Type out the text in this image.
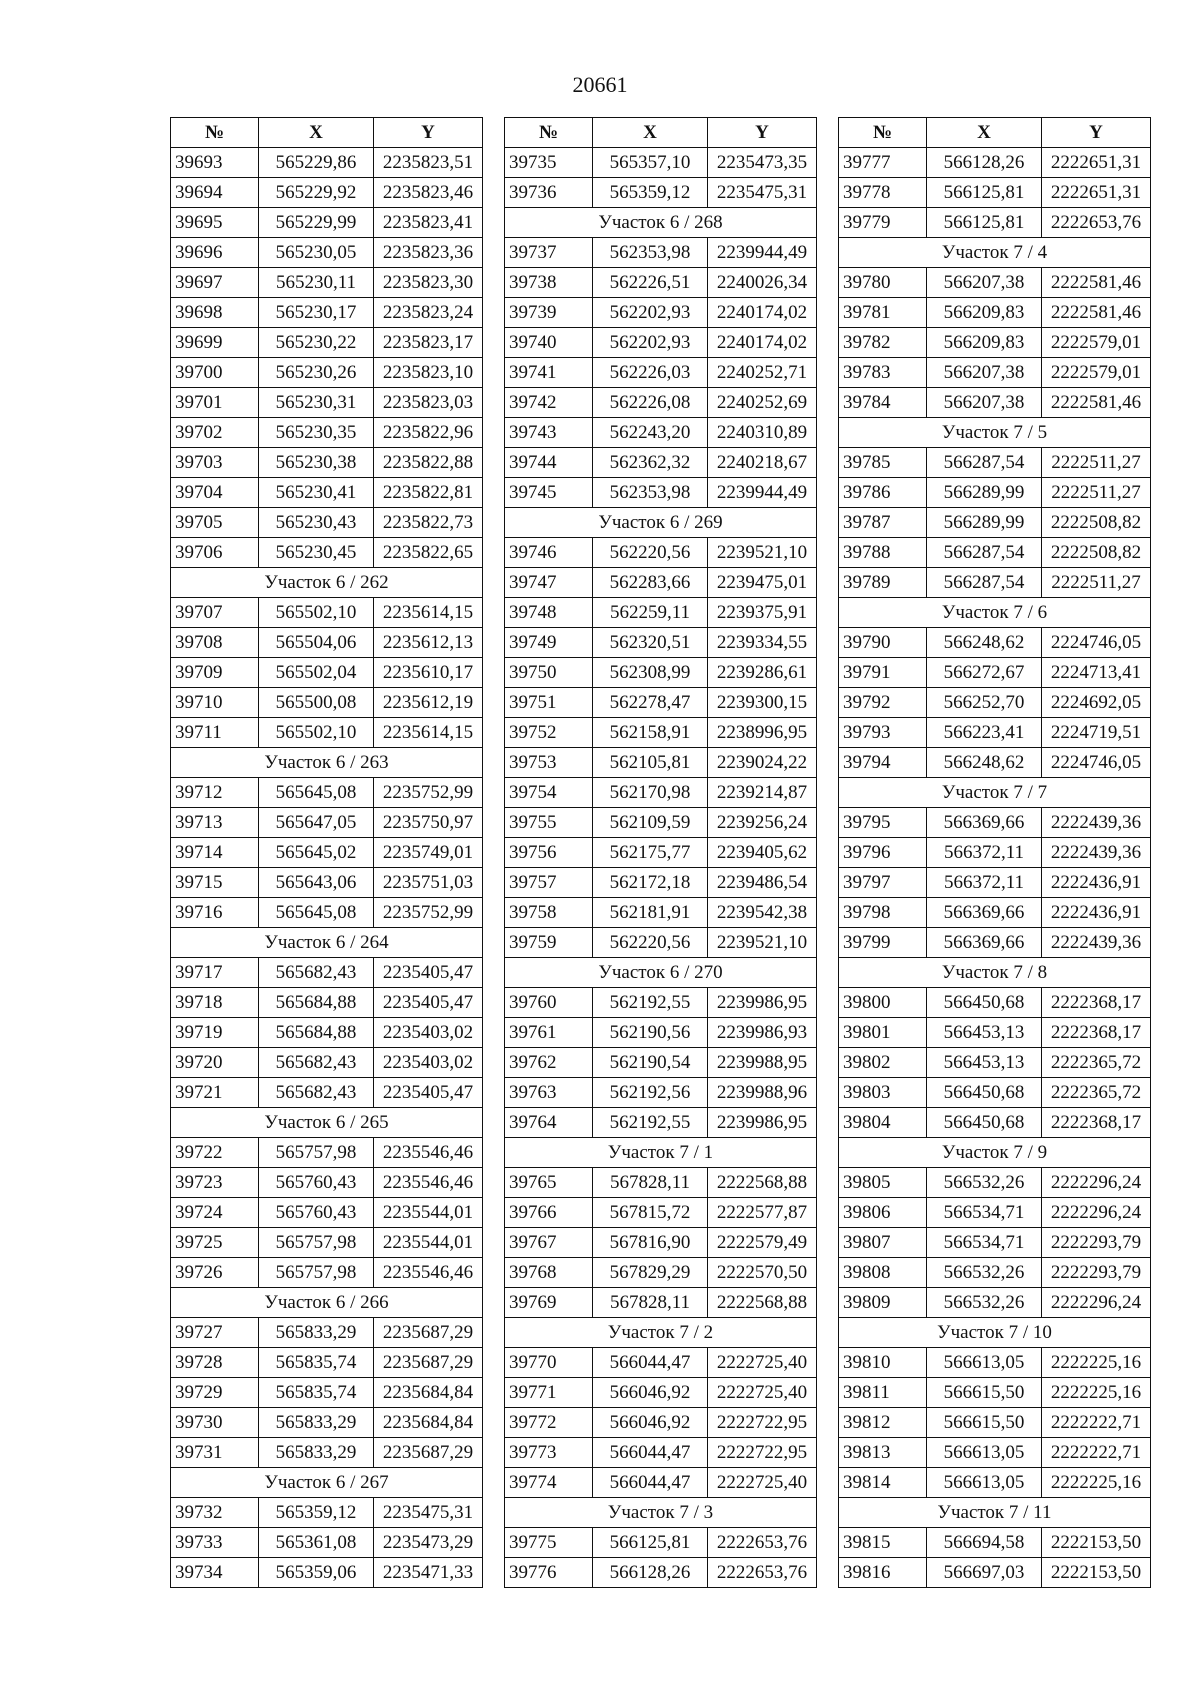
20661
№	X	Y
39693	565229,86	2235823,51
39694	565229,92	2235823,46
39695	565229,99	2235823,41
39696	565230,05	2235823,36
39697	565230,11	2235823,30
39698	565230,17	2235823,24
39699	565230,22	2235823,17
39700	565230,26	2235823,10
39701	565230,31	2235823,03
39702	565230,35	2235822,96
39703	565230,38	2235822,88
39704	565230,41	2235822,81
39705	565230,43	2235822,73
39706	565230,45	2235822,65
Участок 6 / 262		
39707	565502,10	2235614,15
39708	565504,06	2235612,13
39709	565502,04	2235610,17
39710	565500,08	2235612,19
39711	565502,10	2235614,15
Участок 6 / 263		
39712	565645,08	2235752,99
39713	565647,05	2235750,97
39714	565645,02	2235749,01
39715	565643,06	2235751,03
39716	565645,08	2235752,99
Участок 6 / 264		
39717	565682,43	2235405,47
39718	565684,88	2235405,47
39719	565684,88	2235403,02
39720	565682,43	2235403,02
39721	565682,43	2235405,47
Участок 6 / 265		
39722	565757,98	2235546,46
39723	565760,43	2235546,46
39724	565760,43	2235544,01
39725	565757,98	2235544,01
39726	565757,98	2235546,46
Участок 6 / 266		
39727	565833,29	2235687,29
39728	565835,74	2235687,29
39729	565835,74	2235684,84
39730	565833,29	2235684,84
39731	565833,29	2235687,29
Участок 6 / 267		
39732	565359,12	2235475,31
39733	565361,08	2235473,29
39734	565359,06	2235471,33
№	X	Y
39735	565357,10	2235473,35
39736	565359,12	2235475,31
Участок 6 / 268		
39737	562353,98	2239944,49
39738	562226,51	2240026,34
39739	562202,93	2240174,02
39740	562202,93	2240174,02
39741	562226,03	2240252,71
39742	562226,08	2240252,69
39743	562243,20	2240310,89
39744	562362,32	2240218,67
39745	562353,98	2239944,49
Участок 6 / 269		
39746	562220,56	2239521,10
39747	562283,66	2239475,01
39748	562259,11	2239375,91
39749	562320,51	2239334,55
39750	562308,99	2239286,61
39751	562278,47	2239300,15
39752	562158,91	2238996,95
39753	562105,81	2239024,22
39754	562170,98	2239214,87
39755	562109,59	2239256,24
39756	562175,77	2239405,62
39757	562172,18	2239486,54
39758	562181,91	2239542,38
39759	562220,56	2239521,10
Участок 6 / 270		
39760	562192,55	2239986,95
39761	562190,56	2239986,93
39762	562190,54	2239988,95
39763	562192,56	2239988,96
39764	562192,55	2239986,95
Участок 7 / 1		
39765	567828,11	2222568,88
39766	567815,72	2222577,87
39767	567816,90	2222579,49
39768	567829,29	2222570,50
39769	567828,11	2222568,88
Участок 7 / 2		
39770	566044,47	2222725,40
39771	566046,92	2222725,40
39772	566046,92	2222722,95
39773	566044,47	2222722,95
39774	566044,47	2222725,40
Участок 7 / 3		
39775	566125,81	2222653,76
39776	566128,26	2222653,76
№	X	Y
39777	566128,26	2222651,31
39778	566125,81	2222651,31
39779	566125,81	2222653,76
Участок 7 / 4		
39780	566207,38	2222581,46
39781	566209,83	2222581,46
39782	566209,83	2222579,01
39783	566207,38	2222579,01
39784	566207,38	2222581,46
Участок 7 / 5		
39785	566287,54	2222511,27
39786	566289,99	2222511,27
39787	566289,99	2222508,82
39788	566287,54	2222508,82
39789	566287,54	2222511,27
Участок 7 / 6		
39790	566248,62	2224746,05
39791	566272,67	2224713,41
39792	566252,70	2224692,05
39793	566223,41	2224719,51
39794	566248,62	2224746,05
Участок 7 / 7		
39795	566369,66	2222439,36
39796	566372,11	2222439,36
39797	566372,11	2222436,91
39798	566369,66	2222436,91
39799	566369,66	2222439,36
Участок 7 / 8		
39800	566450,68	2222368,17
39801	566453,13	2222368,17
39802	566453,13	2222365,72
39803	566450,68	2222365,72
39804	566450,68	2222368,17
Участок 7 / 9		
39805	566532,26	2222296,24
39806	566534,71	2222296,24
39807	566534,71	2222293,79
39808	566532,26	2222293,79
39809	566532,26	2222296,24
Участок 7 / 10		
39810	566613,05	2222225,16
39811	566615,50	2222225,16
39812	566615,50	2222222,71
39813	566613,05	2222222,71
39814	566613,05	2222225,16
Участок 7 / 11		
39815	566694,58	2222153,50
39816	566697,03	2222153,50
